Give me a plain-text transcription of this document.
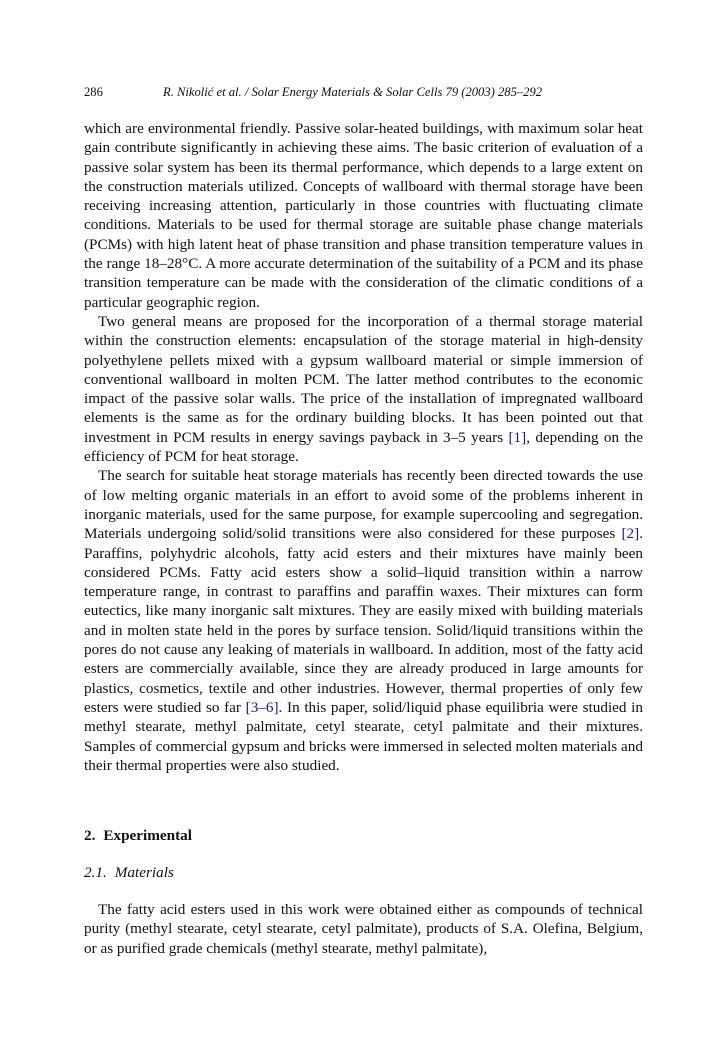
286	R. Nikolić et al. / Solar Energy Materials & Solar Cells 79 (2003) 285–292

which are environmental friendly. Passive solar-heated buildings, with maximum solar heat gain contribute significantly in achieving these aims. The basic criterion of evaluation of a passive solar system has been its thermal performance, which depends to a large extent on the construction materials utilized. Concepts of wallboard with thermal storage have been receiving increasing attention, particularly in those countries with fluctuating climate conditions. Materials to be used for thermal storage are suitable phase change materials (PCMs) with high latent heat of phase transition and phase transition temperature values in the range 18–28°C. A more accurate determination of the suitability of a PCM and its phase transition temperature can be made with the consideration of the climatic conditions of a particular geographic region.

Two general means are proposed for the incorporation of a thermal storage material within the construction elements: encapsulation of the storage material in high-density polyethylene pellets mixed with a gypsum wallboard material or simple immersion of conventional wallboard in molten PCM. The latter method contributes to the economic impact of the passive solar walls. The price of the installation of impregnated wallboard elements is the same as for the ordinary building blocks. It has been pointed out that investment in PCM results in energy savings payback in 3–5 years [1], depending on the efficiency of PCM for heat storage.

The search for suitable heat storage materials has recently been directed towards the use of low melting organic materials in an effort to avoid some of the problems inherent in inorganic materials, used for the same purpose, for example supercooling and segregation. Materials undergoing solid/solid transitions were also considered for these purposes [2]. Paraffins, polyhydric alcohols, fatty acid esters and their mixtures have mainly been considered PCMs. Fatty acid esters show a solid–liquid transition within a narrow temperature range, in contrast to paraffins and paraffin waxes. Their mixtures can form eutectics, like many inorganic salt mixtures. They are easily mixed with building materials and in molten state held in the pores by surface tension. Solid/liquid transitions within the pores do not cause any leaking of materials in wallboard. In addition, most of the fatty acid esters are commercially available, since they are already produced in large amounts for plastics, cosmetics, textile and other industries. However, thermal properties of only few esters were studied so far [3–6]. In this paper, solid/liquid phase equilibria were studied in methyl stearate, methyl palmitate, cetyl stearate, cetyl palmitate and their mixtures. Samples of commercial gypsum and bricks were immersed in selected molten materials and their thermal properties were also studied.

2. Experimental
2.1. Materials

The fatty acid esters used in this work were obtained either as compounds of technical purity (methyl stearate, cetyl stearate, cetyl palmitate), products of S.A. Olefina, Belgium, or as purified grade chemicals (methyl stearate, methyl palmitate),
